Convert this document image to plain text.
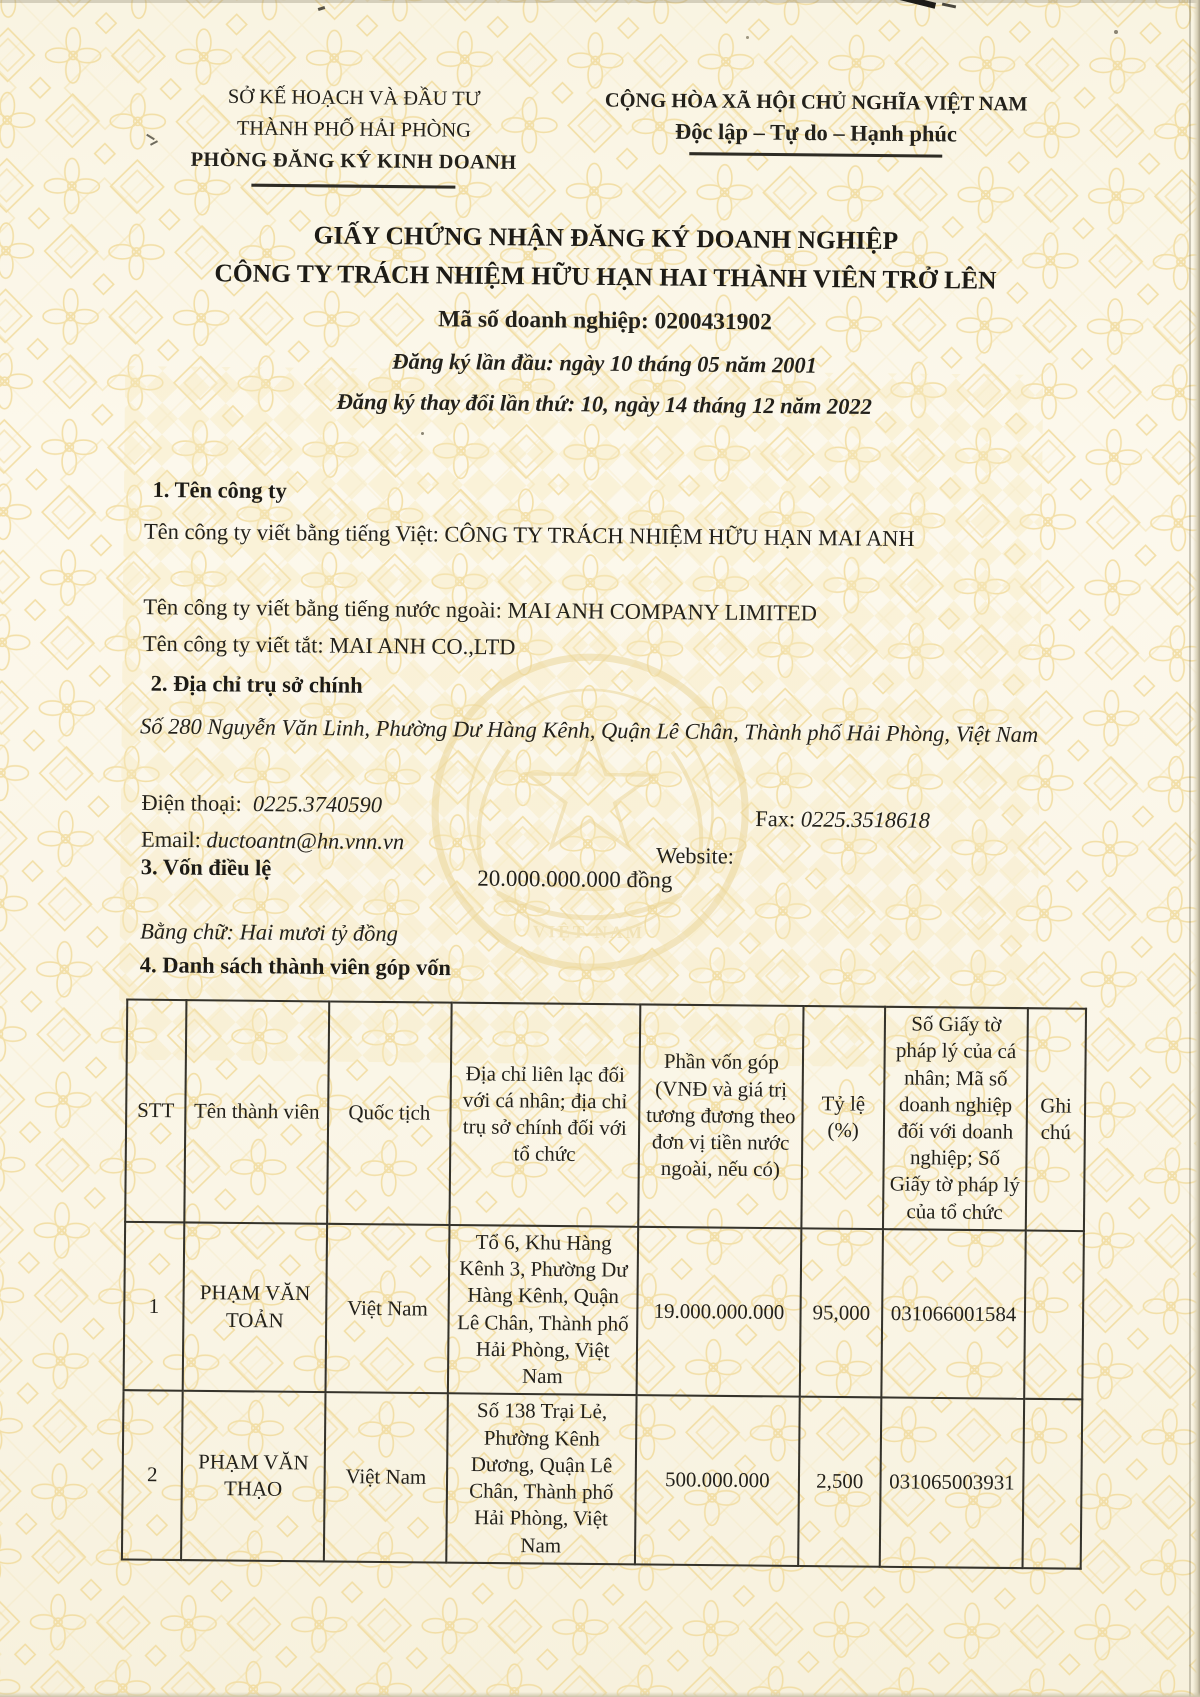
VIỆT NAM
SỞ KẾ HOẠCH VÀ ĐẦU TƯ
THÀNH PHỐ HẢI PHÒNG
PHÒNG ĐĂNG KÝ KINH DOANH
CỘNG HÒA XÃ HỘI CHỦ NGHĨA VIỆT NAM
Độc lập – Tự do – Hạnh phúc
GIẤY CHỨNG NHẬN ĐĂNG KÝ DOANH NGHIỆP
CÔNG TY TRÁCH NHIỆM HỮU HẠN HAI THÀNH VIÊN TRỞ LÊN
Mã số doanh nghiệp: 0200431902
Đăng ký lần đầu: ngày 10 tháng 05 năm 2001
Đăng ký thay đổi lần thứ: 10, ngày 14 tháng 12 năm 2022
1. Tên công ty

Tên công ty viết bằng tiếng Việt: CÔNG TY TRÁCH NHIỆM HỮU HẠN MAI ANH

Tên công ty viết bằng tiếng nước ngoài: MAI ANH COMPANY LIMITED

Tên công ty viết tắt: MAI ANH CO.,LTD

2. Địa chỉ trụ sở chính

Số 280 Nguyễn Văn Linh, Phường Dư Hàng Kênh, Quận Lê Chân, Thành phố Hải Phòng, Việt Nam

Điện thoại: 0225.3740590

Fax: 0225.3518618

Email: ductoantn@hn.vnn.vn

Website:
3. Vốn điều lệ	20.000.000.000 đồng

Bằng chữ: Hai mươi tỷ đồng

4. Danh sách thành viên góp vốn
STT	Tên thành viên	Quốc tịch	Địa chỉ liên lạc đối với cá nhân; địa chỉ trụ sở chính đối với tổ chức	Phần vốn góp (VNĐ và giá trị tương đương theo đơn vị tiền nước ngoài, nếu có)	Tỷ lệ (%)	Số Giấy tờ pháp lý của cá nhân; Mã số doanh nghiệp đối với doanh nghiệp; Số Giấy tờ pháp lý của tổ chức	Ghi chú
1	PHẠM VĂN TOẢN	Việt Nam	Tổ 6, Khu Hàng Kênh 3, Phường Dư Hàng Kênh, Quận Lê Chân, Thành phố Hải Phòng, Việt Nam	19.000.000.000	95,000	031066001584	
2	PHẠM VĂN THẠO	Việt Nam	Số 138 Trại Lẻ, Phường Kênh Dương, Quận Lê Chân, Thành phố Hải Phòng, Việt Nam	500.000.000	2,500	031065003931	
